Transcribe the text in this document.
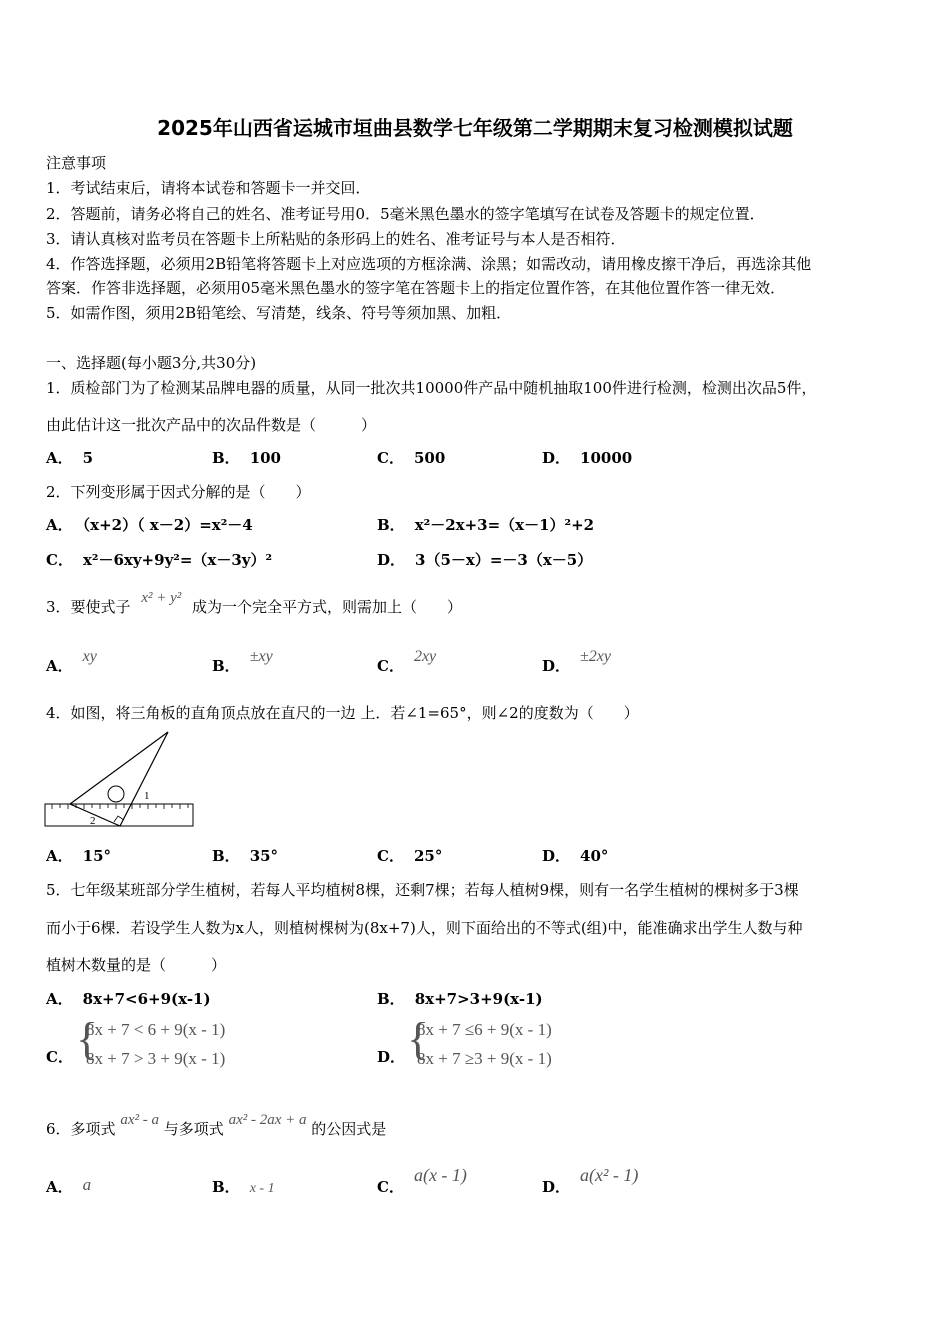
2025年山西省运城市垣曲县数学七年级第二学期期末复习检测模拟试题
注意事项
1．考试结束后，请将本试卷和答题卡一并交回．
2．答题前，请务必将自己的姓名、准考证号用0．5毫米黑色墨水的签字笔填写在试卷及答题卡的规定位置．
3．请认真核对监考员在答题卡上所粘贴的条形码上的姓名、准考证号与本人是否相符．
4．作答选择题，必须用2B铅笔将答题卡上对应选项的方框涂满、涂黑；如需改动，请用橡皮擦干净后，再选涂其他
答案．作答非选择题，必须用05毫米黑色墨水的签字笔在答题卡上的指定位置作答，在其他位置作答一律无效．
5．如需作图，须用2B铅笔绘、写清楚，线条、符号等须加黑、加粗．
一、选择题(每小题3分,共30分)
1．质检部门为了检测某品牌电器的质量，从同一批次共10000件产品中随机抽取100件进行检测，检测出次品5件，
由此估计这一批次产品中的次品件数是（　　　）
A． 5	B． 100	C． 500	D． 10000
2．下列变形属于因式分解的是（　　）
A． （x+2）（ x－2）=x²－4	B． x²－2x+3=（x－1）²+2
C． x²－6xy+9y²=（x－3y）²	D． 3（5－x）=－3（x－5）
3．要使式子 x² + y² 成为一个完全平方式，则需加上（　　）
A．xy
B．±xy
C．2xy
D．±2xy
4．如图，将三角板的直角顶点放在直尺的一边 上．若∠1=65°，则∠2的度数为（　　）
1
2
A． 15°	B． 35°	C． 25°	D． 40°
5．七年级某班部分学生植树，若每人平均植树8棵，还剩7棵；若每人植树9棵，则有一名学生植树的棵树多于3棵
而小于6棵．若设学生人数为x人，则植树棵树为(8x+7)人，则下面给出的不等式(组)中，能准确求出学生人数与种
植树木数量的是（　　　）
A． 8x+7<6+9(x-1)	B． 8x+7>3+9(x-1)
C． {
8x + 7 < 6 + 9(x - 1)
8x + 7 > 3 + 9(x - 1)	D． {
8x + 7 ≤6 + 9(x - 1)
8x + 7 ≥3 + 9(x - 1)
6．多项式 ax² - a 与多项式 ax² - 2ax + a 的公因式是
A． a	B． x - 1	C．a(x - 1)
D．a(x² - 1)
